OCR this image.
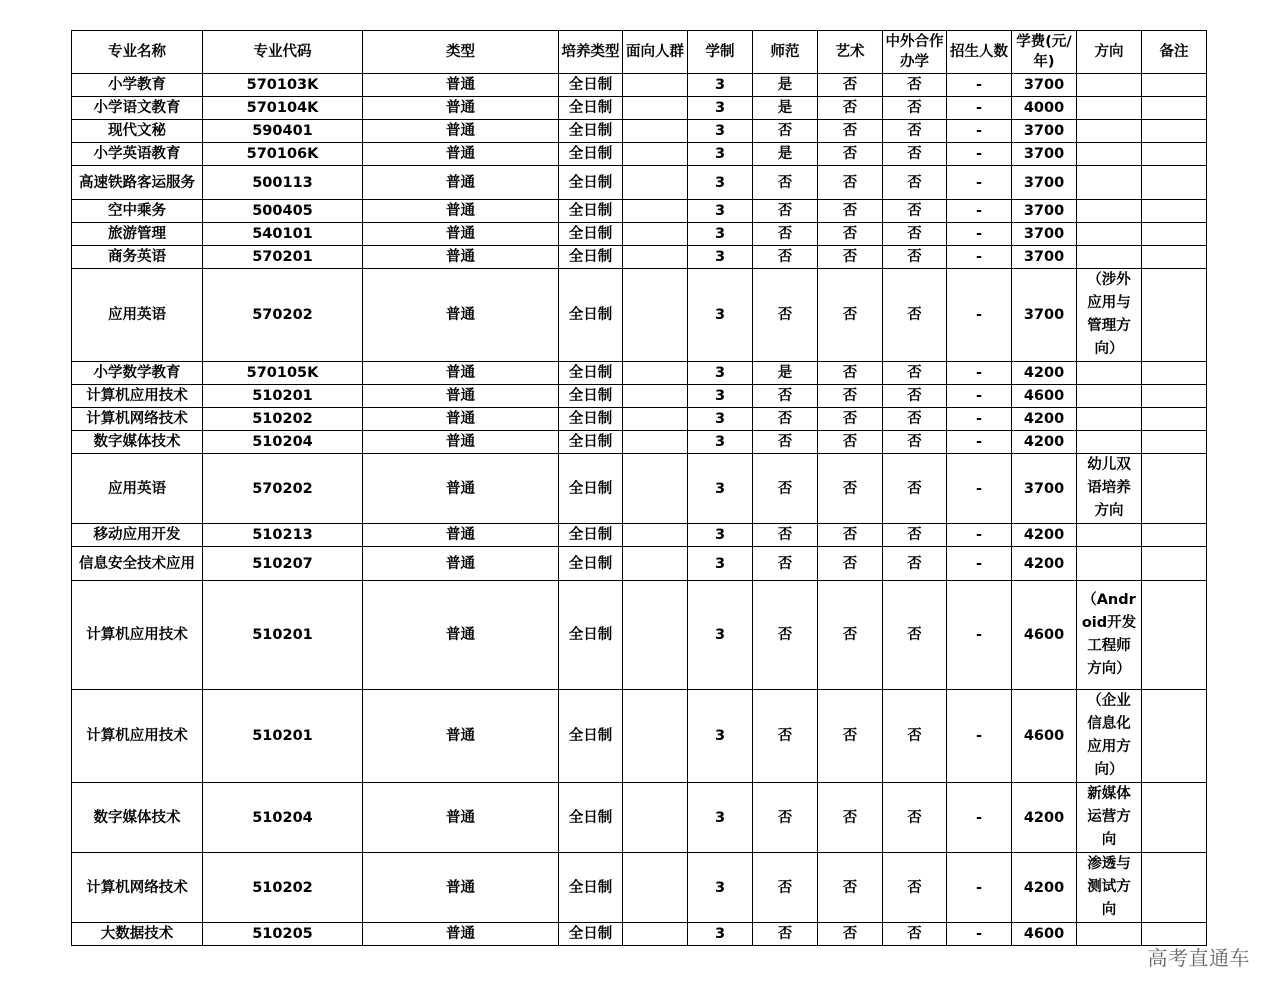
专业名称	专业代码	类型	培养类型	面向人群	学制	师范	艺术	中外合作办学	招生人数	学费(元/年)	方向	备注
小学教育	570103K	普通	全日制		3	是	否	否	-	3700		
小学语文教育	570104K	普通	全日制		3	是	否	否	-	4000		
现代文秘	590401	普通	全日制		3	否	否	否	-	3700		
小学英语教育	570106K	普通	全日制		3	是	否	否	-	3700		
高速铁路客运服务	500113	普通	全日制		3	否	否	否	-	3700		
空中乘务	500405	普通	全日制		3	否	否	否	-	3700		
旅游管理	540101	普通	全日制		3	否	否	否	-	3700		
商务英语	570201	普通	全日制		3	否	否	否	-	3700		
应用英语	570202	普通	全日制		3	否	否	否	-	3700	（涉外应用与管理方向）	
小学数学教育	570105K	普通	全日制		3	是	否	否	-	4200		
计算机应用技术	510201	普通	全日制		3	否	否	否	-	4600		
计算机网络技术	510202	普通	全日制		3	否	否	否	-	4200		
数字媒体技术	510204	普通	全日制		3	否	否	否	-	4200		
应用英语	570202	普通	全日制		3	否	否	否	-	3700	幼儿双语培养方向	
移动应用开发	510213	普通	全日制		3	否	否	否	-	4200		
信息安全技术应用	510207	普通	全日制		3	否	否	否	-	4200		
计算机应用技术	510201	普通	全日制		3	否	否	否	-	4600	（Android开发工程师方向）	
计算机应用技术	510201	普通	全日制		3	否	否	否	-	4600	（企业信息化应用方向）	
数字媒体技术	510204	普通	全日制		3	否	否	否	-	4200	新媒体运营方向	
计算机网络技术	510202	普通	全日制		3	否	否	否	-	4200	渗透与测试方向	
大数据技术	510205	普通	全日制		3	否	否	否	-	4600		
高考直通车
